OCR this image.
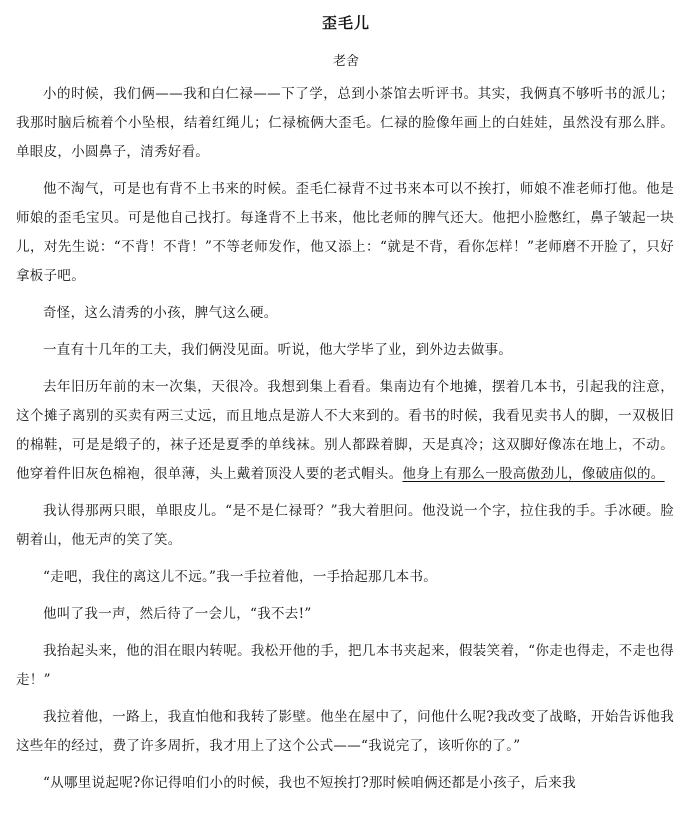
歪毛儿
老舍

小的时候，我们俩——我和白仁禄——下了学，总到小茶馆去听评书。其实，我俩真不够听书的派儿；我那时脑后梳着个小坠根，结着红绳儿；仁禄梳俩大歪毛。仁禄的脸像年画上的白娃娃，虽然没有那么胖。单眼皮，小圆鼻子，清秀好看。

他不淘气，可是也有背不上书来的时候。歪毛仁禄背不过书来本可以不挨打，师娘不准老师打他。他是师娘的歪毛宝贝。可是他自己找打。每逢背不上书来，他比老师的脾气还大。他把小脸憋红，鼻子皱起一块儿，对先生说：“不背！不背！”不等老师发作，他又添上：“就是不背，看你怎样！”老师磨不开脸了，只好拿板子吧。

奇怪，这么清秀的小孩，脾气这么硬。

一直有十几年的工夫，我们俩没见面。听说，他大学毕了业，到外边去做事。

去年旧历年前的末一次集，天很冷。我想到集上看看。集南边有个地摊，摆着几本书，引起我的注意，这个摊子离别的买卖有两三丈远，而且地点是游人不大来到的。看书的时候，我看见卖书人的脚，一双极旧的棉鞋，可是是缎子的，袜子还是夏季的单线袜。别人都跺着脚，天是真冷；这双脚好像冻在地上，不动。他穿着件旧灰色棉袍，很单薄，头上戴着顶没人要的老式帽头。他身上有那么一股高傲劲儿，像破庙似的。

我认得那两只眼，单眼皮儿。“是不是仁禄哥？”我大着胆问。他没说一个字，拉住我的手。手冰硬。脸朝着山，他无声的笑了笑。

“走吧，我住的离这儿不远。”我一手拉着他，一手拾起那几本书。

他叫了我一声，然后待了一会儿，“我不去!”

我抬起头来，他的泪在眼内转呢。我松开他的手，把几本书夹起来，假装笑着，“你走也得走，不走也得走！”

我拉着他，一路上，我直怕他和我转了影壁。他坐在屋中了，问他什么呢?我改变了战略，开始告诉他我这些年的经过，费了许多周折，我才用上了这个公式——“我说完了，该听你的了。”

“从哪里说起呢?你记得咱们小的时候，我也不短挨打?那时候咱俩还都是小孩子，后来我
